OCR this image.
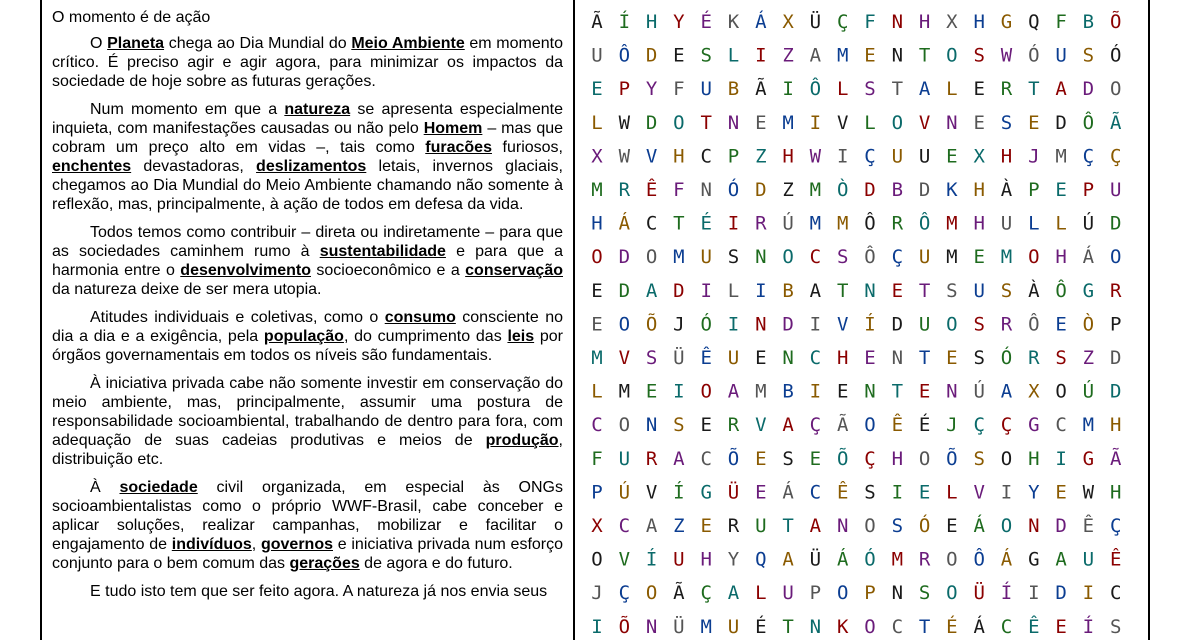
O momento é de ação

O Planeta chega ao Dia Mundial do Meio Ambiente em momento crítico. É preciso agir e agir agora, para minimizar os impactos da sociedade de hoje sobre as futuras gerações.

Num momento em que a natureza se apresenta especialmente inquieta, com manifestações causadas ou não pelo Homem – mas que cobram um preço alto em vidas –, tais como furacões furiosos, enchentes devastadoras, deslizamentos letais, invernos glaciais, chegamos ao Dia Mundial do Meio Ambiente chamando não somente à reflexão, mas, principalmente, à ação de todos em defesa da vida.

Todos temos como contribuir – direta ou indiretamente – para que as sociedades caminhem rumo à sustentabilidade e para que a harmonia entre o desenvolvimento socioeconômico e a conservação da natureza deixe de ser mera utopia.

Atitudes individuais e coletivas, como o consumo consciente no dia a dia e a exigência, pela população, do cumprimento das leis por órgãos governamentais em todos os níveis são fundamentais.

À iniciativa privada cabe não somente investir em conservação do meio ambiente, mas, principalmente, assumir uma postura de responsabilidade socioambiental, trabalhando de dentro para fora, com adequação de suas cadeias produtivas e meios de produção, distribuição etc.

À sociedade civil organizada, em especial às ONGs socioambientalistas como o próprio WWF-Brasil, cabe conceber e aplicar soluções, realizar campanhas, mobilizar e facilitar o engajamento de indivíduos, governos e iniciativa privada num esforço conjunto para o bem comum das gerações de agora e do futuro.

E tudo isto tem que ser feito agora. A natureza já nos envia seus

Ã Í H Y É K Á X Ü Ç F N H X H G Q F B Õ
U Ô D E S L I Z A M E N T O S W Ó U S Ó
E P Y F U B Ã I Ô L S T A L E R T A D O
L W D O T N E M I V L O V N E S E D Ô Ã
X W V H C P Z H W I Ç U U E X H J M Ç Ç
M R Ê F N Ó D Z M Ò D B D K H À P E P U
H Á C T É I R Ú M M Ô R Ô M H U L L Ú D
O D O M U S N O C S Ô Ç U M E M O H Á O
E D A D I L I B A T N E T S U S À Ô G R
E O Õ J Ó I N D I V Í D U O S R Ô E Ò P
M V S Ü Ê U E N C H E N T E S Ó R S Z D
L M E I O A M B I E N T E N Ú A X O Ú D
C O N S E R V A Ç Ã O Ê É J Ç Ç G C M H
F U R A C Õ E S E Õ Ç H O Õ S O H I G Ã
P Ú V Í G Ü E Á C Ê S I E L V I Y E W H
X C A Z E R U T A N O S Ó E Á O N D Ê Ç
O V Í U H Y Q A Ü Á Ó M R O Ô Á G A U Ê
J Ç O Ã Ç A L U P O P N S O Ü Í I D I C
I Õ N Ü M U É T N K O C T É Á C Ê E Í S
